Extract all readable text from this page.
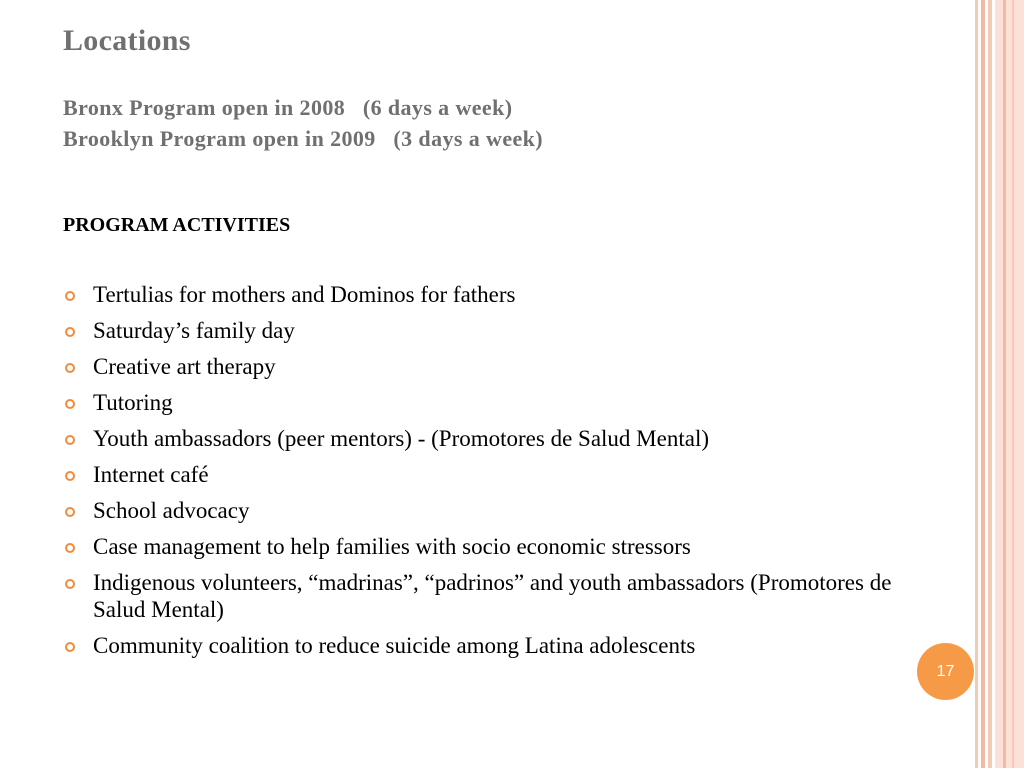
Locations
Bronx Program open in 2008   (6 days a week)
Brooklyn Program open in 2009   (3 days a week)
PROGRAM ACTIVITIES
Tertulias for mothers and Dominos for fathers
Saturday’s family day
Creative art therapy
Tutoring
Youth ambassadors (peer mentors) - (Promotores de Salud Mental)
Internet café
School advocacy
Case management to help families with socio economic stressors
Indigenous volunteers, “madrinas”, “padrinos” and youth ambassadors (Promotores de Salud Mental)
Community coalition to reduce suicide among Latina adolescents
17
